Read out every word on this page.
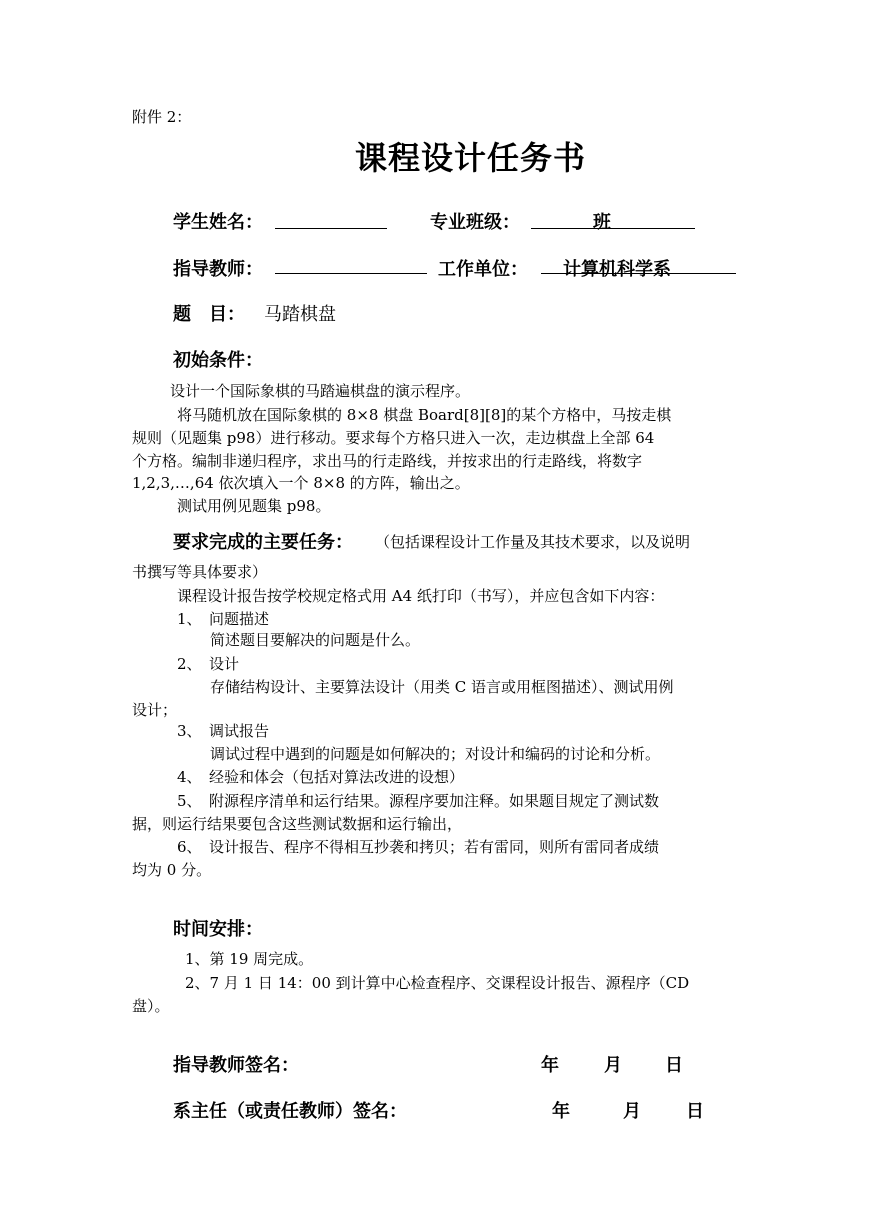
附件 2：
课程设计任务书
学生姓名：	专业班级：	班
指导教师：	工作单位： 计算机科学系
题　目： 马踏棋盘
初始条件：
设计一个国际象棋的马踏遍棋盘的演示程序。
将马随机放在国际象棋的 8×8 棋盘 Board[8][8]的某个方格中，马按走棋
规则（见题集 p98）进行移动。要求每个方格只进入一次，走边棋盘上全部 64
个方格。编制非递归程序，求出马的行走路线，并按求出的行走路线，将数字
1,2,3,…,64 依次填入一个 8×8 的方阵，输出之。
测试用例见题集 p98。
要求完成的主要任务： （包括课程设计工作量及其技术要求，以及说明
书撰写等具体要求）
课程设计报告按学校规定格式用 A4 纸打印（书写），并应包含如下内容：
1、　问题描述
简述题目要解决的问题是什么。
2、　设计
存储结构设计、主要算法设计（用类 C 语言或用框图描述）、测试用例
设计；
3、　调试报告
调试过程中遇到的问题是如何解决的；对设计和编码的讨论和分析。
4、　经验和体会（包括对算法改进的设想）
5、　附源程序清单和运行结果。源程序要加注释。如果题目规定了测试数
据，则运行结果要包含这些测试数据和运行输出，
6、　设计报告、程序不得相互抄袭和拷贝；若有雷同，则所有雷同者成绩
均为 0 分。
时间安排：
1、第 19 周完成。
2、7 月 1 日 14：00 到计算中心检查程序、交课程设计报告、源程序（CD
盘）。
指导教师签名：	年	月 日
系主任（或责任教师）签名：	年	月	日
